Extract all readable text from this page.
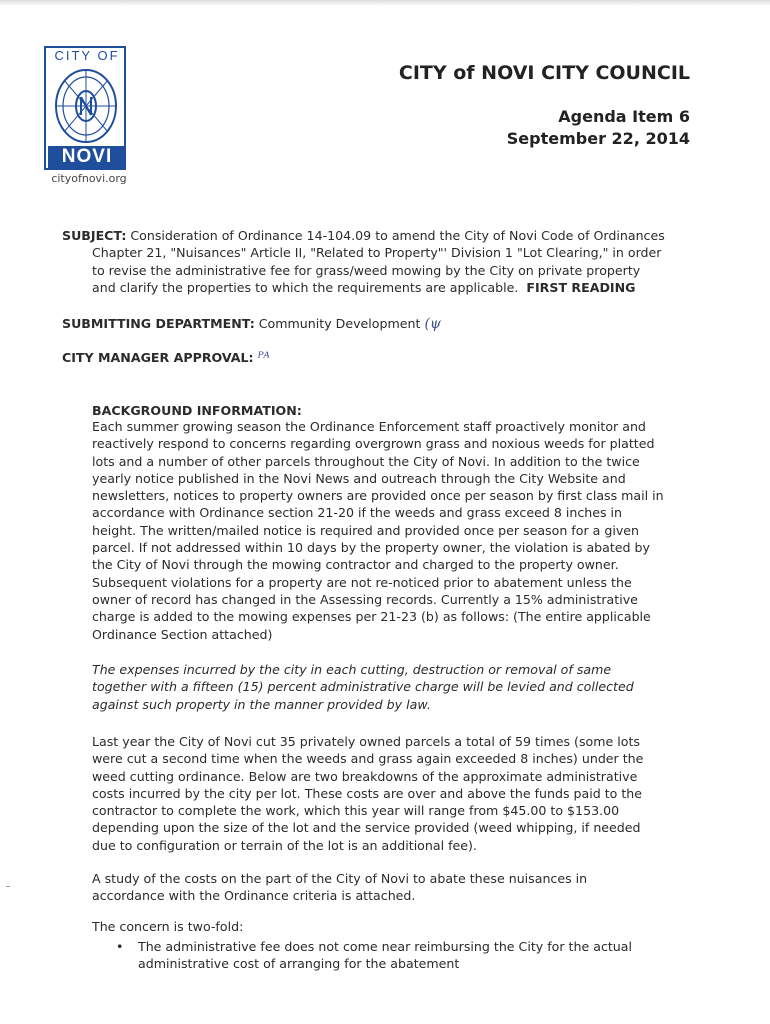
CITY OF
NOVI
cityofnovi.org
CITY of NOVI CITY COUNCIL
Agenda Item 6
September 22, 2014
SUBJECT: Consideration of Ordinance 14-104.09 to amend the City of Novi Code of Ordinances
Chapter 21, "Nuisances" Article II, "Related to Property"' Division 1 "Lot Clearing," in order
to revise the administrative fee for grass/weed mowing by the City on private property
and clarify the properties to which the requirements are applicable. FIRST READING
SUBMITTING DEPARTMENT: Community Development (ψ
CITY MANAGER APPROVAL: ᴾᴬ
BACKGROUND INFORMATION:
Each summer growing season the Ordinance Enforcement staff proactively monitor and
reactively respond to concerns regarding overgrown grass and noxious weeds for platted
lots and a number of other parcels throughout the City of Novi. In addition to the twice
yearly notice published in the Novi News and outreach through the City Website and
newsletters, notices to property owners are provided once per season by first class mail in
accordance with Ordinance section 21-20 if the weeds and grass exceed 8 inches in
height. The written/mailed notice is required and provided once per season for a given
parcel. If not addressed within 10 days by the property owner, the violation is abated by
the City of Novi through the mowing contractor and charged to the property owner.
Subsequent violations for a property are not re-noticed prior to abatement unless the
owner of record has changed in the Assessing records. Currently a 15% administrative
charge is added to the mowing expenses per 21-23 (b) as follows: (The entire applicable
Ordinance Section attached)
The expenses incurred by the city in each cutting, destruction or removal of same
together with a fifteen (15) percent administrative charge will be levied and collected
against such property in the manner provided by law.
Last year the City of Novi cut 35 privately owned parcels a total of 59 times (some lots
were cut a second time when the weeds and grass again exceeded 8 inches) under the
weed cutting ordinance. Below are two breakdowns of the approximate administrative
costs incurred by the city per lot. These costs are over and above the funds paid to the
contractor to complete the work, which this year will range from $45.00 to $153.00
depending upon the size of the lot and the service provided (weed whipping, if needed
due to configuration or terrain of the lot is an additional fee).
A study of the costs on the part of the City of Novi to abate these nuisances in
accordance with the Ordinance criteria is attached.
The concern is two-fold:
•	The administrative fee does not come near reimbursing the City for the actual
administrative cost of arranging for the abatement
